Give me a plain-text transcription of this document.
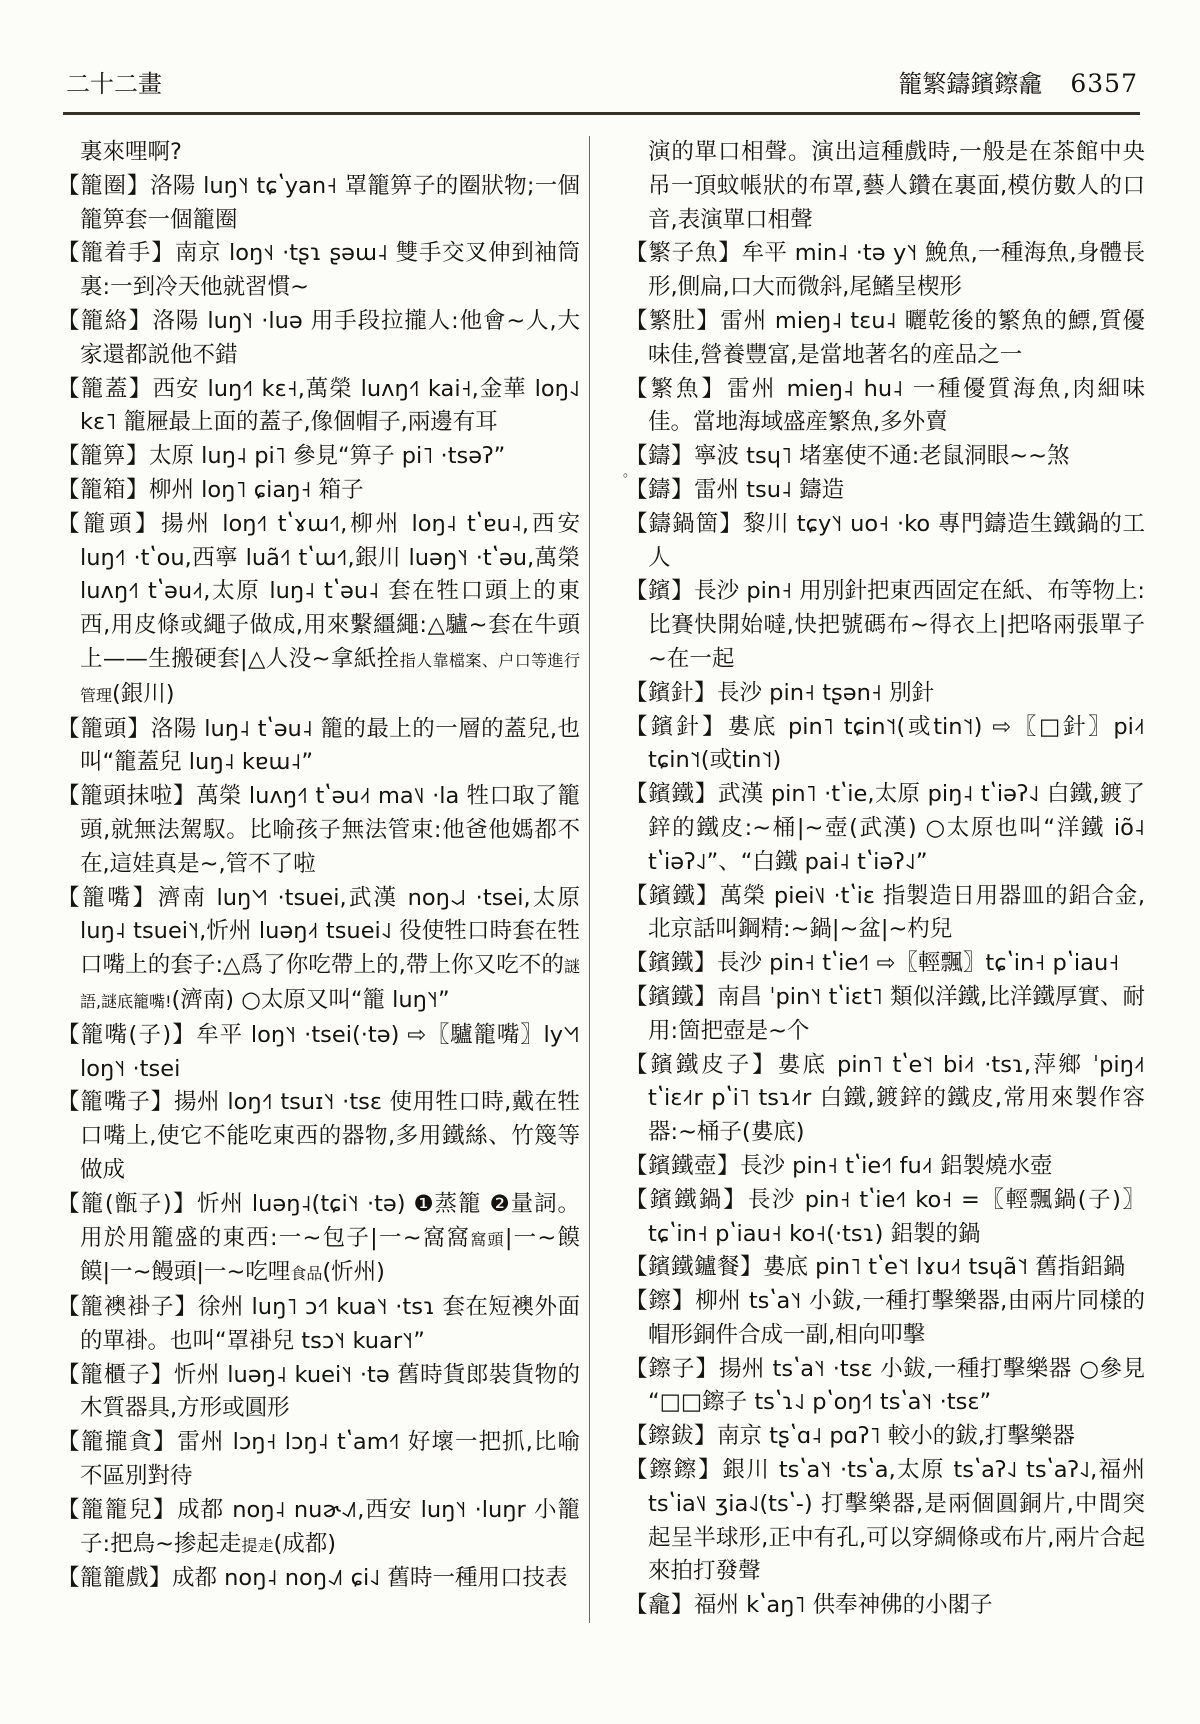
二十二畫	籠繁鑄鑌鑔龕 6357

裏來哩啊?

【籠圈】洛陽 luŋ˥˧ tɕʽyan˧ 罩籠箅子的圈狀物;一個籠箅套一個籠圈

【籠着手】南京 loŋ˦˨ ·tʂɿ ʂəɯ˨ 雙手交叉伸到袖筒裏:一到冷天他就習慣~

【籠絡】洛陽 luŋ˥˧ ·luə 用手段拉攏人:他會~人,大家還都説他不錯

【籠蓋】西安 luŋ˧˥ kɛ˧,萬榮 luʌŋ˧˥ kai˧,金華 loŋ˨˩ kɛ˥ 籠屜最上面的蓋子,像個帽子,兩邊有耳

【籠箅】太原 luŋ˨ pi˥ 參見“箅子 pi˥ ·tsəʔ”

【籠箱】柳州 loŋ˥ ɕiaŋ˧ 箱子

【籠頭】揚州 loŋ˧˥ tʽɤɯ˧˥,柳州 loŋ˨ tʽɐu˨,西安 luŋ˧˥ ·tʽou,西寧 luã˧˥ tʽɯ˧˥,銀川 luəŋ˥˧ ·tʽəu,萬榮 luʌŋ˧˥ tʽəu˨˦,太原 luŋ˨ tʽəu˨ 套在牲口頭上的東西,用皮條或繩子做成,用來繫繮繩:△驢~套在牛頭上——生搬硬套|△人没~拿紙拴指人靠檔案、户口等進行管理(銀川)

【籠頭】洛陽 luŋ˨ tʽəu˨ 籠的最上的一層的蓋兒,也叫“籠蓋兒 luŋ˨ kɐɯ˨”

【籠頭抹啦】萬榮 luʌŋ˧˥ tʽəu˨˦ ma˥˩ ·la 牲口取了籠頭,就無法駕馭。比喻孩子無法管束:他爸他媽都不在,這娃真是~,管不了啦

【籠嘴】濟南 luŋ˥˧˥ ·tsuei,武漢 noŋ˨˩˨ ·tsei,太原 luŋ˨ tsuei˥˧,忻州 luəŋ˨˦ tsuei˨˩ 役使牲口時套在牲口嘴上的套子:△爲了你吃帶上的,帶上你又吃不的謎語,謎底籠嘴!(濟南) ○太原又叫“籠 luŋ˥˧”

【籠嘴(子)】牟平 loŋ˥˧ ·tsei(·tə) ⇨〖驢籠嘴〗ly˥˧˥ loŋ˥˧ ·tsei

【籠嘴子】揚州 loŋ˧˥ tsuɪ˥˧ ·tsɛ 使用牲口時,戴在牲口嘴上,使它不能吃東西的器物,多用鐵絲、竹篾等做成

【籠(甑子)】忻州 luəŋ˨(tɕi˥˧ ·tə) ❶蒸籠 ❷量詞。用於用籠盛的東西:一~包子|一~窩窩窩頭|一~饃饃|一~饅頭|一~吃哩食品(忻州)

【籠襖褂子】徐州 luŋ˥ ɔ˧˥ kua˥˧ ·tsɿ 套在短襖外面的單褂。也叫“罩褂兒 tsɔ˥˧ kuar˥˧”

【籠櫃子】忻州 luəŋ˨ kuei˥˧ ·tə 舊時貨郎裝貨物的木質器具,方形或圓形

【籠攏貪】雷州 lɔŋ˧ lɔŋ˨ tʽam˧˥ 好壞一把抓,比喻不區別對待

【籠籠兒】成都 noŋ˨ nuɚ˨˩˥,西安 luŋ˥˧ ·luŋr 小籠子:把鳥~掺起走提走(成都)

【籠籠戲】成都 noŋ˨ noŋ˨˩˥ ɕi˨˩ 舊時一種用口技表

演的單口相聲。演出這種戲時,一般是在茶館中央吊一頂蚊帳狀的布罩,藝人鑽在裏面,模仿數人的口音,表演單口相聲

【繁子魚】牟平 min˨ ·tə y˥˧ 鮸魚,一種海魚,身體長形,側扁,口大而微斜,尾鰭呈楔形

【繁肚】雷州 mieŋ˨ tɛu˨ 曬乾後的繁魚的鰾,質優味佳,營養豐富,是當地著名的産品之一

【繁魚】雷州 mieŋ˨ hu˨ 一種優質海魚,肉細味佳。當地海域盛産繁魚,多外賣

【鑄】 。寧波 tsɥ˥ 堵塞使不通:老鼠洞眼~~煞

【鑄】雷州 tsu˨ 鑄造

【鑄鍋箇】黎川 tɕy˥˧ uo˧ ·ko 專門鑄造生鐵鍋的工人

【鑌】長沙 pin˧ 用別針把東西固定在紙、布等物上:比賽快開始噠,快把號碼布~得衣上|把咯兩張單子~在一起

【鑌針】長沙 pin˧ tʂən˧ 別針

【鑌針】婁底 pin˥ tɕin˥˦(或tin˥˦) ⇨〖□針〗pi˨˦ tɕin˥˦(或tin˥˦)

【鑌鐵】武漢 pin˥ ·tʽie,太原 piŋ˨ tʽiəʔ˨˩ 白鐵,鍍了鋅的鐵皮:~桶|~壺(武漢) ○太原也叫“洋鐵 iõ˨ tʽiəʔ˨˩”、“白鐵 pai˨ tʽiəʔ˨˩”

【鑌鐵】萬榮 piei˥˩ ·tʽiɛ 指製造日用器皿的鋁合金,北京話叫鋼精:~鍋|~盆|~杓兒

【鑌鐵】長沙 pin˧ tʽie˧˥ ⇨〖輕飄〗tɕʽin˧ pʽiau˧

【鑌鐵】南昌 ˈpin˥˧ tʽiɛt˥ 類似洋鐵,比洋鐵厚實、耐用:箇把壺是~个

【鑌鐵皮子】婁底 pin˥ tʽe˥˦ bi˨˦ ·tsɿ,萍鄉 ˈpiŋ˨˦ tʽiɛ˨˦r pʽi˥ tsɿ˨˦r 白鐵,鍍鋅的鐵皮,常用來製作容器:~桶子(婁底)

【鑌鐵壺】長沙 pin˧ tʽie˧˥ fu˨˦ 鋁製燒水壺

【鑌鐵鍋】長沙 pin˧ tʽie˧˥ ko˧ =〖輕飄鍋(子)〗tɕʽin˧ pʽiau˧ ko˧(·tsɿ) 鋁製的鍋

【鑌鐵鑪餐】婁底 pin˥ tʽe˥˦ lɤu˨˦ tsɥã˥˦ 舊指鋁鍋

【鑔】柳州 tsʽa˥˧ 小鈸,一種打擊樂器,由兩片同樣的帽形銅件合成一副,相向叩擊

【鑔子】揚州 tsʽa˥˧ ·tsɛ 小鈸,一種打擊樂器 ○參見“□□鑔子 tsʽɿ˨˩ pʽoŋ˧˥ tsʽa˥˧ ·tsɛ”

【鑔鈸】南京 tʂʽɑ˨ pɑʔ˥ 較小的鈸,打擊樂器

【鑔鑔】銀川 tsʽa˥˧ ·tsʽa,太原 tsʽaʔ˨˩ tsʽaʔ˨˩,福州 tsʽia˥˩ ʒia˨˩(tsʽ-) 打擊樂器,是兩個圓銅片,中間突起呈半球形,正中有孔,可以穿綢條或布片,兩片合起來拍打發聲

【龕】福州 kʽaŋ˥ 供奉神佛的小閣子
